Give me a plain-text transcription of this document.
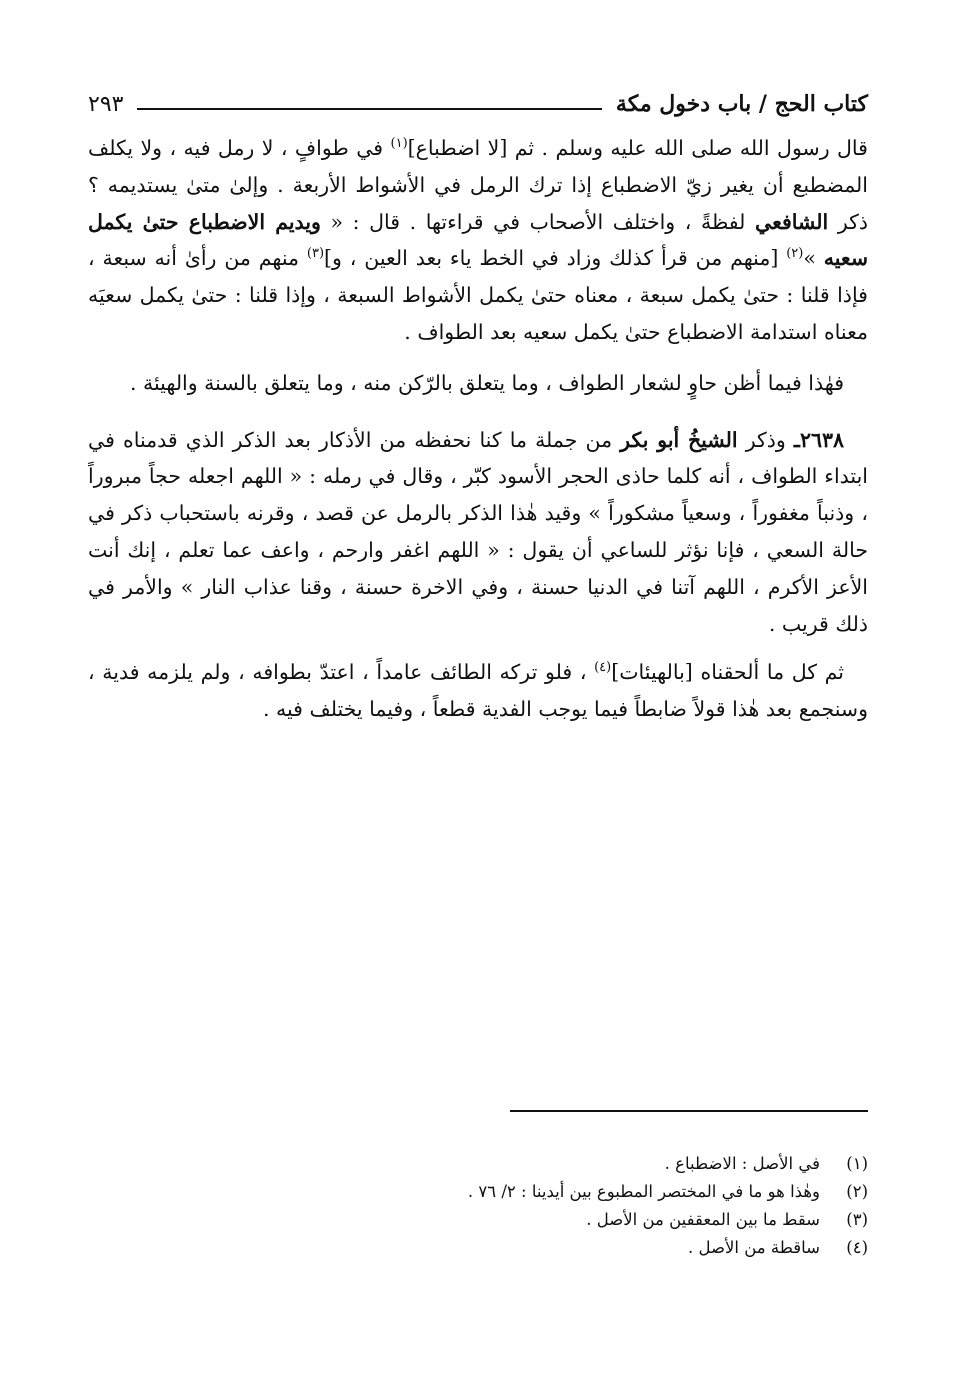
كتاب الحج / باب دخول مكة
٢٩٣

قال رسول الله صلى الله عليه وسلم . ثم [لا اضطباع]$^{(١)}$ في طوافٍ ، لا رمل فيه ، ولا يكلف المضطبع أن يغير زيّ الاضطباع إذا ترك الرمل في الأشواط الأربعة . وإلىٰ متىٰ يستديمه ؟ ذكر الشافعي لفظةً ، واختلف الأصحاب في قراءتها . قال : « ويديم الاضطباع حتىٰ يكمل سعيه »$^{(٢)}$ [منهم من قرأ كذلك وزاد في الخط ياء بعد العين ، و]$^{(٣)}$ منهم من رأىٰ أنه سبعة ، فإذا قلنا : حتىٰ يكمل سبعة ، معناه حتىٰ يكمل الأشواط السبعة ، وإذا قلنا : حتىٰ يكمل سعيَه معناه استدامة الاضطباع حتىٰ يكمل سعيه بعد الطواف .

فهٰذا فيما أظن حاوٍ لشعار الطواف ، وما يتعلق بالرّكن منه ، وما يتعلق بالسنة والهيئة .

٢٦٣٨ـ وذكر الشيخُ أبو بكر من جملة ما كنا نحفظه من الأذكار بعد الذكر الذي قدمناه في ابتداء الطواف ، أنه كلما حاذى الحجر الأسود كبّر ، وقال في رمله : « اللهم اجعله حجاً مبروراً ، وذنباً مغفوراً ، وسعياً مشكوراً » وقيد هٰذا الذكر بالرمل عن قصد ، وقرنه باستحباب ذكر في حالة السعي ، فإنا نؤثر للساعي أن يقول : « اللهم اغفر وارحم ، واعف عما تعلم ، إنك أنت الأعز الأكرم ، اللهم آتنا في الدنيا حسنة ، وفي الاخرة حسنة ، وقنا عذاب النار » والأمر في ذلك قريب .

ثم كل ما ألحقناه [بالهيئات]$^{(٤)}$ ، فلو تركه الطائف عامداً ، اعتدّ بطوافه ، ولم يلزمه فدية ، وسنجمع بعد هٰذا قولاً ضابطاً فيما يوجب الفدية قطعاً ، وفيما يختلف فيه .

(١)
في الأصل : الاضطباع .
(٢)
وهٰذا هو ما في المختصر المطبوع بين أيدينا : ٢/ ٧٦ .
(٣)
سقط ما بين المعقفين من الأصل .
(٤)
ساقطة من الأصل .
